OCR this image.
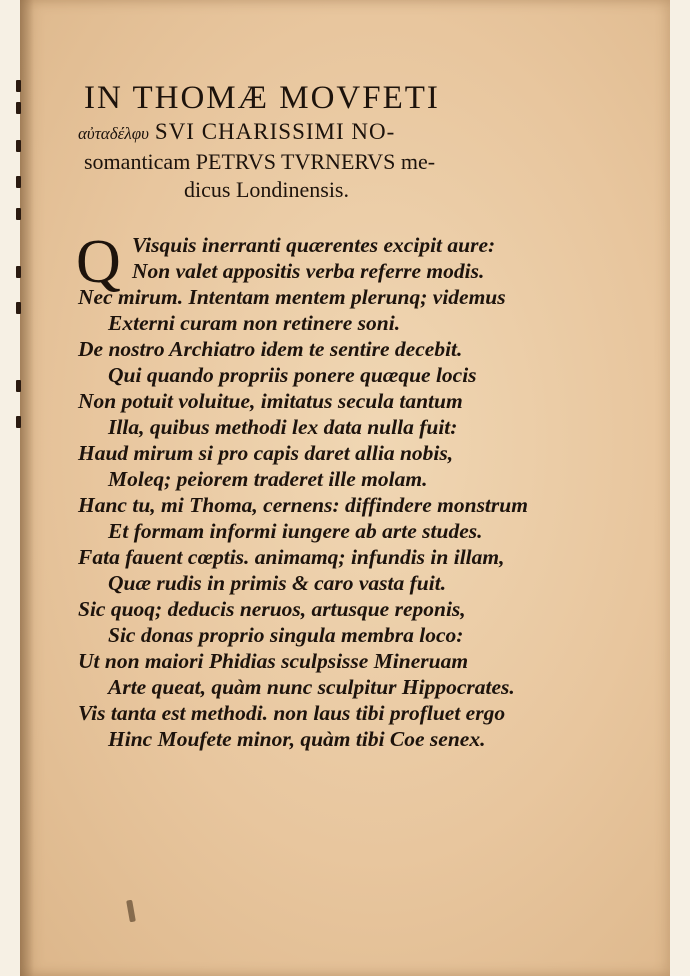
IN THOMÆ MOVFETI
αὐταδέλφυ SVI CHARISSIMI NO-
somanticam PETRVS TVRNERVS me-
dicus Londinensis.
Q Visquis inerranti quærentes excipit aure:
Non valet appositis verba referre modis.
Nec mirum. Intentam mentem plerunq; videmus
Externi curam non retinere soni.
De nostro Archiatro idem te sentire decebit.
Qui quando propriis ponere quæque locis
Non potuit voluitue, imitatus secula tantum
Illa, quibus methodi lex data nulla fuit:
Haud mirum si pro capis daret allia nobis,
Moleq; peiorem traderet ille molam.
Hanc tu, mi Thoma, cernens: diffindere monstrum
Et formam informi iungere ab arte studes.
Fata fauent cœptis. animamq; infundis in illam,
Quæ rudis in primis & caro vasta fuit.
Sic quoq; deducis neruos, artusque reponis,
Sic donas proprio singula membra loco:
Ut non maiori Phidias sculpsisse Mineruam
Arte queat, quàm nunc sculpitur Hippocrates.
Vis tanta est methodi. non laus tibi profluet ergo
Hinc Moufete minor, quàm tibi Coe senex.
